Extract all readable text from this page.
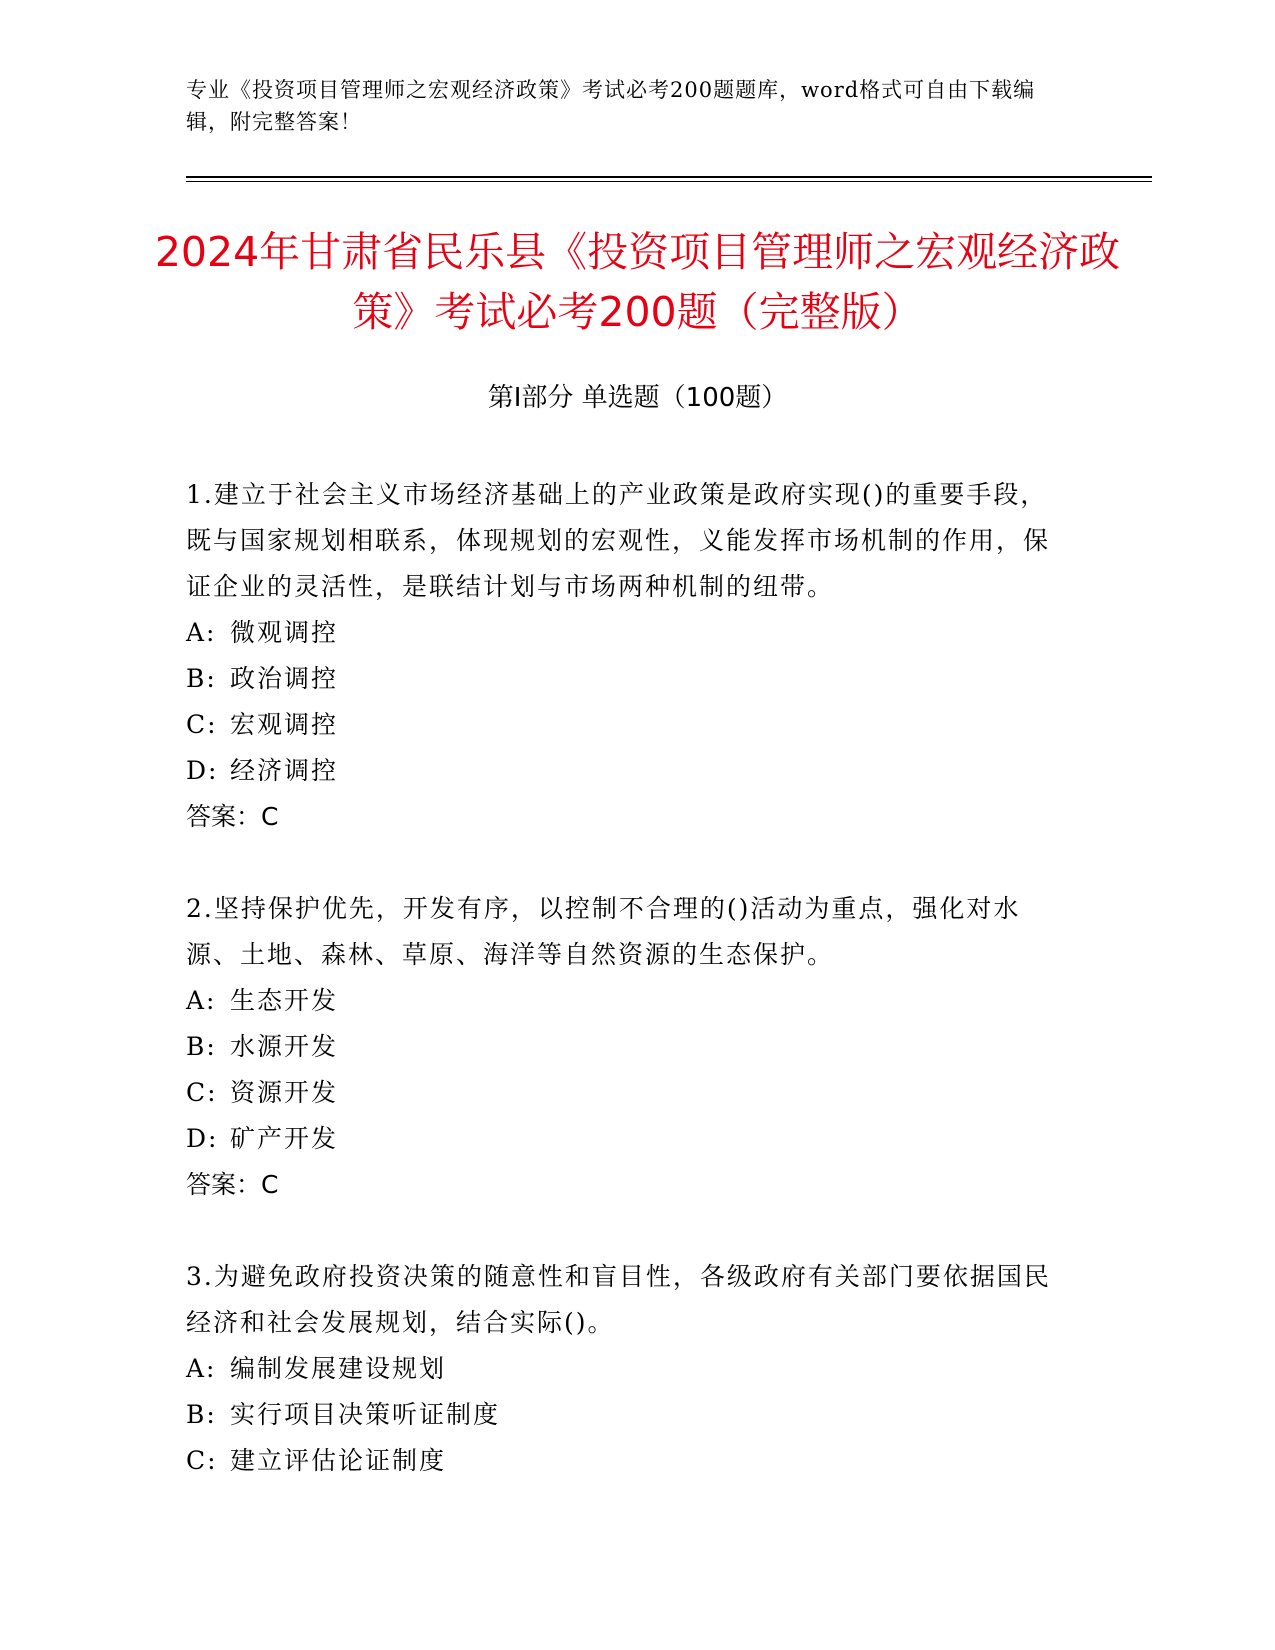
专业《投资项目管理师之宏观经济政策》考试必考200题题库，word格式可自由下载编辑，附完整答案！
2024年甘肃省民乐县《投资项目管理师之宏观经济政策》考试必考200题（完整版）
第I部分 单选题（100题）

1.建立于社会主义市场经济基础上的产业政策是政府实现()的重要手段，既与国家规划相联系，体现规划的宏观性，义能发挥市场机制的作用，保证企业的灵活性，是联结计划与市场两种机制的纽带。

A: 微观调控

B: 政治调控

C: 宏观调控

D: 经济调控

答案：C

2.坚持保护优先，开发有序，以控制不合理的()活动为重点，强化对水源、土地、森林、草原、海洋等自然资源的生态保护。

A: 生态开发

B: 水源开发

C: 资源开发

D: 矿产开发

答案：C

3.为避免政府投资决策的随意性和盲目性，各级政府有关部门要依据国民经济和社会发展规划，结合实际()。

A: 编制发展建设规划

B: 实行项目决策听证制度

C: 建立评估论证制度
